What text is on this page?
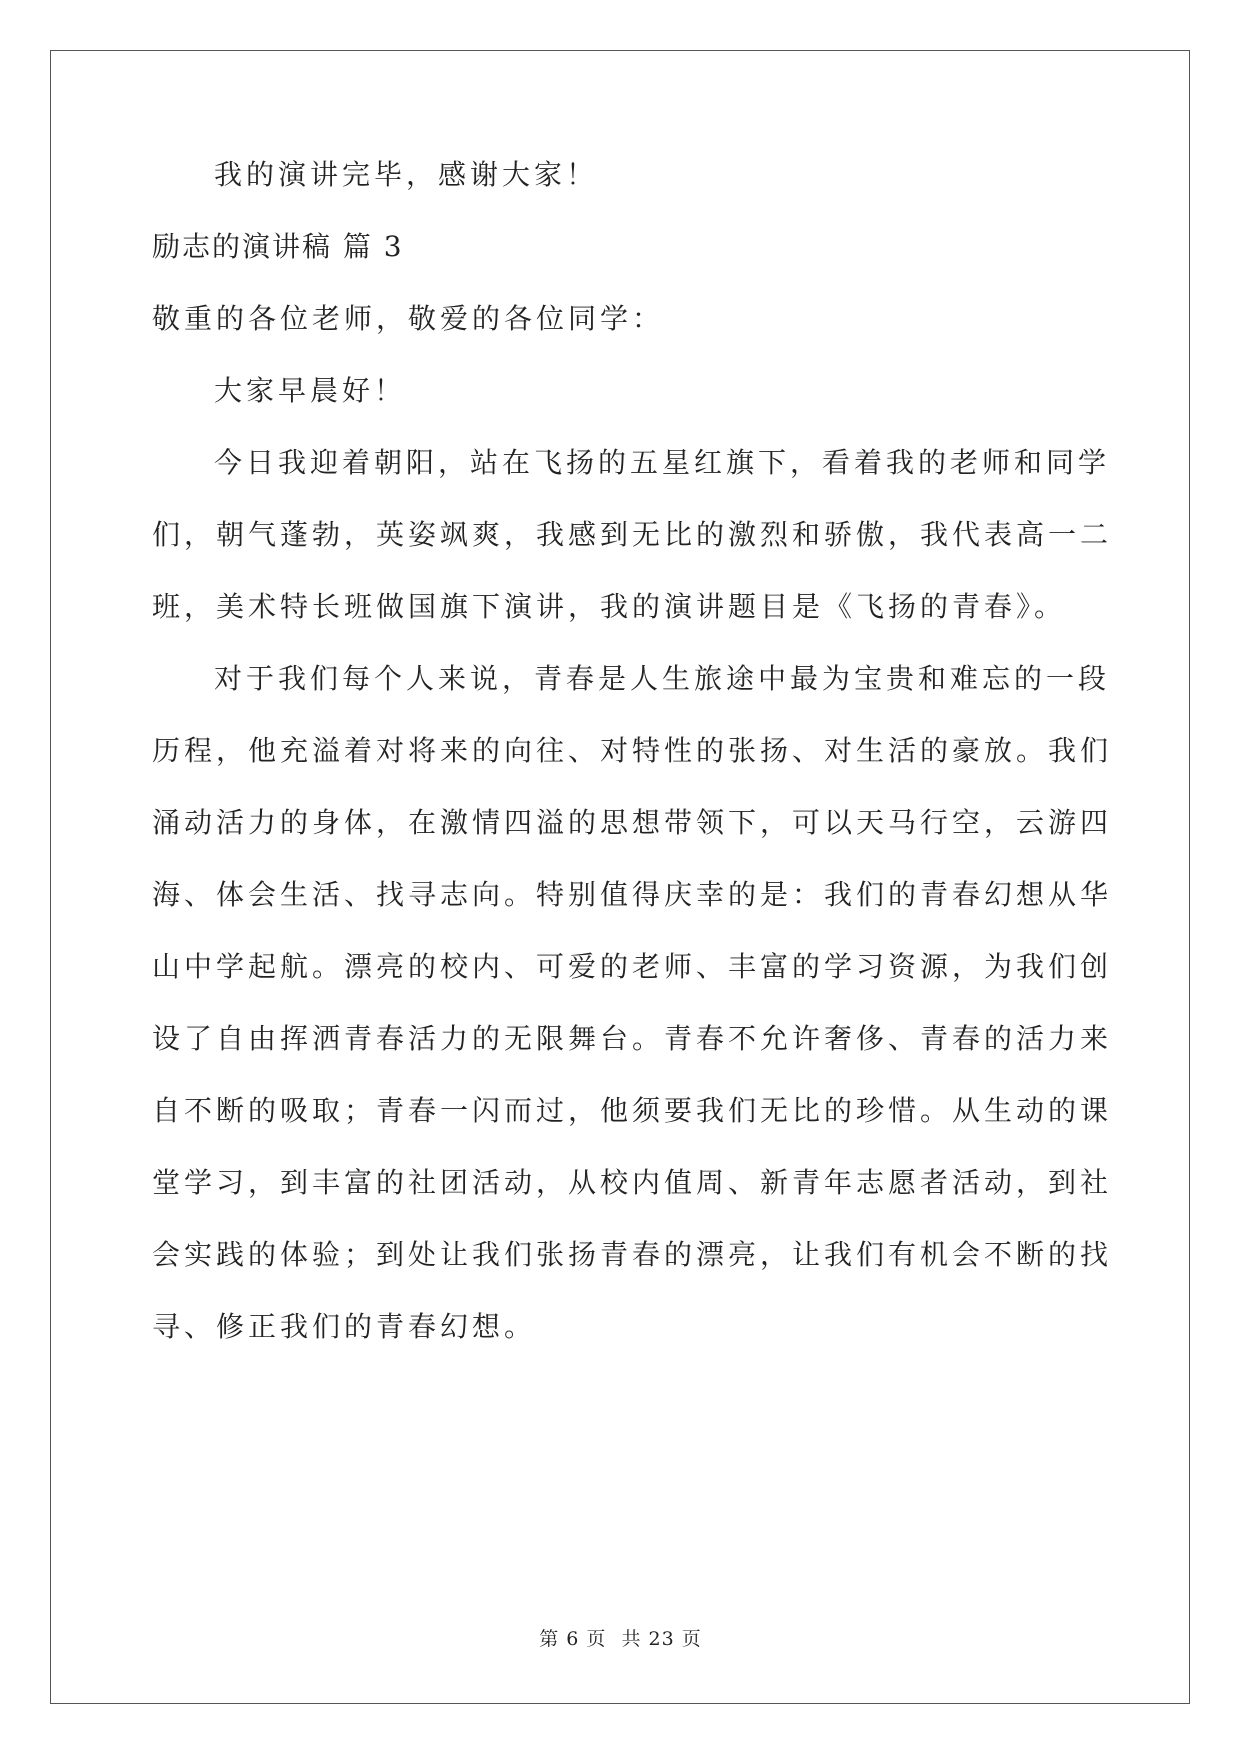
我的演讲完毕，感谢大家！
励志的演讲稿 篇 3
敬重的各位老师，敬爱的各位同学：
大家早晨好！
今日我迎着朝阳，站在飞扬的五星红旗下，看着我的老师和同学
们，朝气蓬勃，英姿飒爽，我感到无比的激烈和骄傲，我代表高一二
班，美术特长班做国旗下演讲，我的演讲题目是《飞扬的青春》。
对于我们每个人来说，青春是人生旅途中最为宝贵和难忘的一段
历程，他充溢着对将来的向往、对特性的张扬、对生活的豪放。我们
涌动活力的身体，在激情四溢的思想带领下，可以天马行空，云游四
海、体会生活、找寻志向。特别值得庆幸的是：我们的青春幻想从华
山中学起航。漂亮的校内、可爱的老师、丰富的学习资源，为我们创
设了自由挥洒青春活力的无限舞台。青春不允许奢侈、青春的活力来
自不断的吸取；青春一闪而过，他须要我们无比的珍惜。从生动的课
堂学习，到丰富的社团活动，从校内值周、新青年志愿者活动，到社
会实践的体验；到处让我们张扬青春的漂亮，让我们有机会不断的找
寻、修正我们的青春幻想。
第 6 页 共 23 页
